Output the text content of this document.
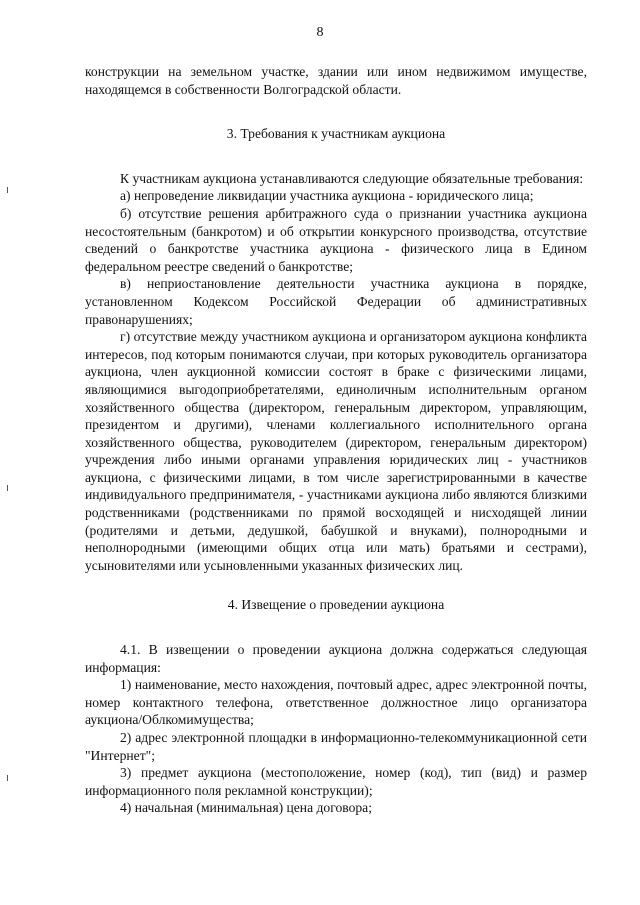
8

конструкции на земельном участке, здании или ином недвижимом имуществе, находящемся в собственности Волгоградской области.

3. Требования к участникам аукциона

К участникам аукциона устанавливаются следующие обязательные требования:

а) непроведение ликвидации участника аукциона - юридического лица;

б) отсутствие решения арбитражного суда о признании участника аукциона несостоятельным (банкротом) и об открытии конкурсного производства, отсутствие сведений о банкротстве участника аукциона - физического лица в Едином федеральном реестре сведений о банкротстве;

в) неприостановление деятельности участника аукциона в порядке, установленном Кодексом Российской Федерации об административных правонарушениях;

г) отсутствие между участником аукциона и организатором аукциона конфликта интересов, под которым понимаются случаи, при которых руководитель организатора аукциона, член аукционной комиссии состоят в браке с физическими лицами, являющимися выгодоприобретателями, единоличным исполнительным органом хозяйственного общества (директором, генеральным директором, управляющим, президентом и другими), членами коллегиального исполнительного органа хозяйственного общества, руководителем (директором, генеральным директором) учреждения либо иными органами управления юридических лиц - участников аукциона, с физическими лицами, в том числе зарегистрированными в качестве индивидуального предпринимателя, - участниками аукциона либо являются близкими родственниками (родственниками по прямой восходящей и нисходящей линии (родителями и детьми, дедушкой, бабушкой и внуками), полнородными и неполнородными (имеющими общих отца или мать) братьями и сестрами), усыновителями или усыновленными указанных физических лиц.

4. Извещение о проведении аукциона

4.1. В извещении о проведении аукциона должна содержаться следующая информация:

1) наименование, место нахождения, почтовый адрес, адрес электронной почты, номер контактного телефона, ответственное должностное лицо организатора аукциона/Облкомимущества;

2) адрес электронной площадки в информационно-телекоммуникационной сети "Интернет";

3) предмет аукциона (местоположение, номер (код), тип (вид) и размер информационного поля рекламной конструкции);

4) начальная (минимальная) цена договора;
